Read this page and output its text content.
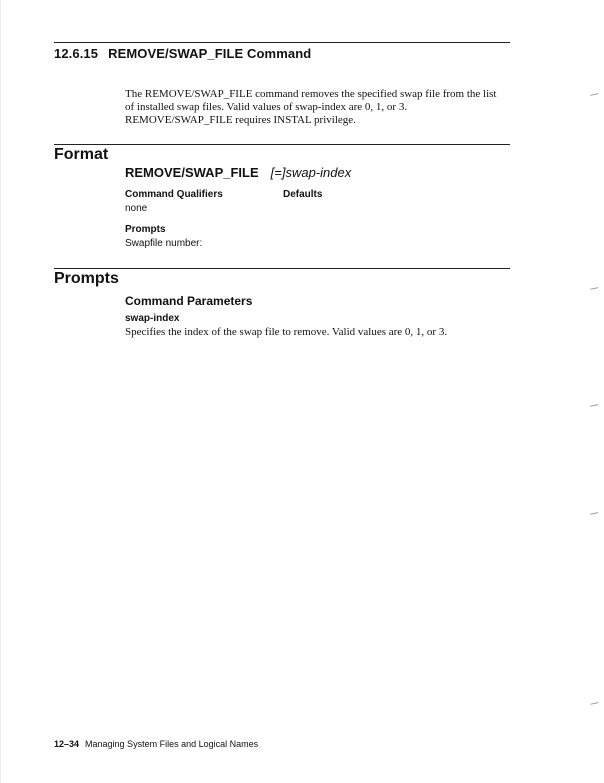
12.6.15 REMOVE/SWAP_FILE Command

The REMOVE/SWAP_FILE command removes the specified swap file from the list of installed swap files. Valid values of swap-index are 0, 1, or 3. REMOVE/SWAP_FILE requires INSTAL privilege.

Format
REMOVE/SWAP_FILE [=]swap-index
Command Qualifiers	Defaults
none
Prompts
Swapfile number:
Prompts
Command Parameters
swap-index
Specifies the index of the swap file to remove. Valid values are 0, 1, or 3.
12–34 Managing System Files and Logical Names
